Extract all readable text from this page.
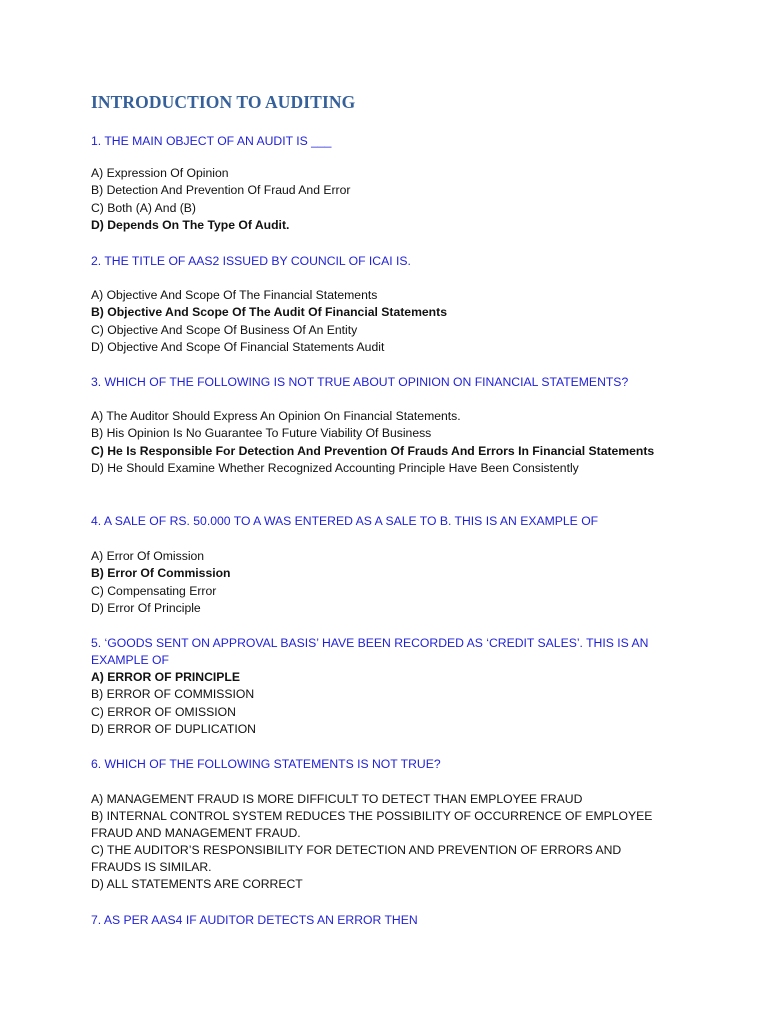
INTRODUCTION TO AUDITING

1. THE MAIN OBJECT OF AN AUDIT IS ___

A) Expression Of Opinion
B) Detection And Prevention Of Fraud And Error
C) Both (A) And (B)
D) Depends On The Type Of Audit.

2. THE TITLE OF AAS2 ISSUED BY COUNCIL OF ICAI IS.

A) Objective And Scope Of The Financial Statements
B) Objective And Scope Of The Audit Of Financial Statements
C) Objective And Scope Of Business Of An Entity
D) Objective And Scope Of Financial Statements Audit

3. WHICH OF THE FOLLOWING IS NOT TRUE ABOUT OPINION ON FINANCIAL STATEMENTS?

A) The Auditor Should Express An Opinion On Financial Statements.
B) His Opinion Is No Guarantee To Future Viability Of Business
C) He Is Responsible For Detection And Prevention Of Frauds And Errors In Financial Statements
D) He Should Examine Whether Recognized Accounting Principle Have Been Consistently

4. A SALE OF RS. 50.000 TO A WAS ENTERED AS A SALE TO B. THIS IS AN EXAMPLE OF

A) Error Of Omission
B) Error Of Commission
C) Compensating Error
D) Error Of Principle

5. ‘GOODS SENT ON APPROVAL BASIS’ HAVE BEEN RECORDED AS ‘CREDIT SALES’. THIS IS AN EXAMPLE OF

A) ERROR OF PRINCIPLE
B) ERROR OF COMMISSION
C) ERROR OF OMISSION
D) ERROR OF DUPLICATION

6. WHICH OF THE FOLLOWING STATEMENTS IS NOT TRUE?

A) MANAGEMENT FRAUD IS MORE DIFFICULT TO DETECT THAN EMPLOYEE FRAUD
B) INTERNAL CONTROL SYSTEM REDUCES THE POSSIBILITY OF OCCURRENCE OF EMPLOYEE FRAUD AND MANAGEMENT FRAUD.
C) THE AUDITOR’S RESPONSIBILITY FOR DETECTION AND PREVENTION OF ERRORS AND FRAUDS IS SIMILAR.
D) ALL STATEMENTS ARE CORRECT

7. AS PER AAS4 IF AUDITOR DETECTS AN ERROR THEN
